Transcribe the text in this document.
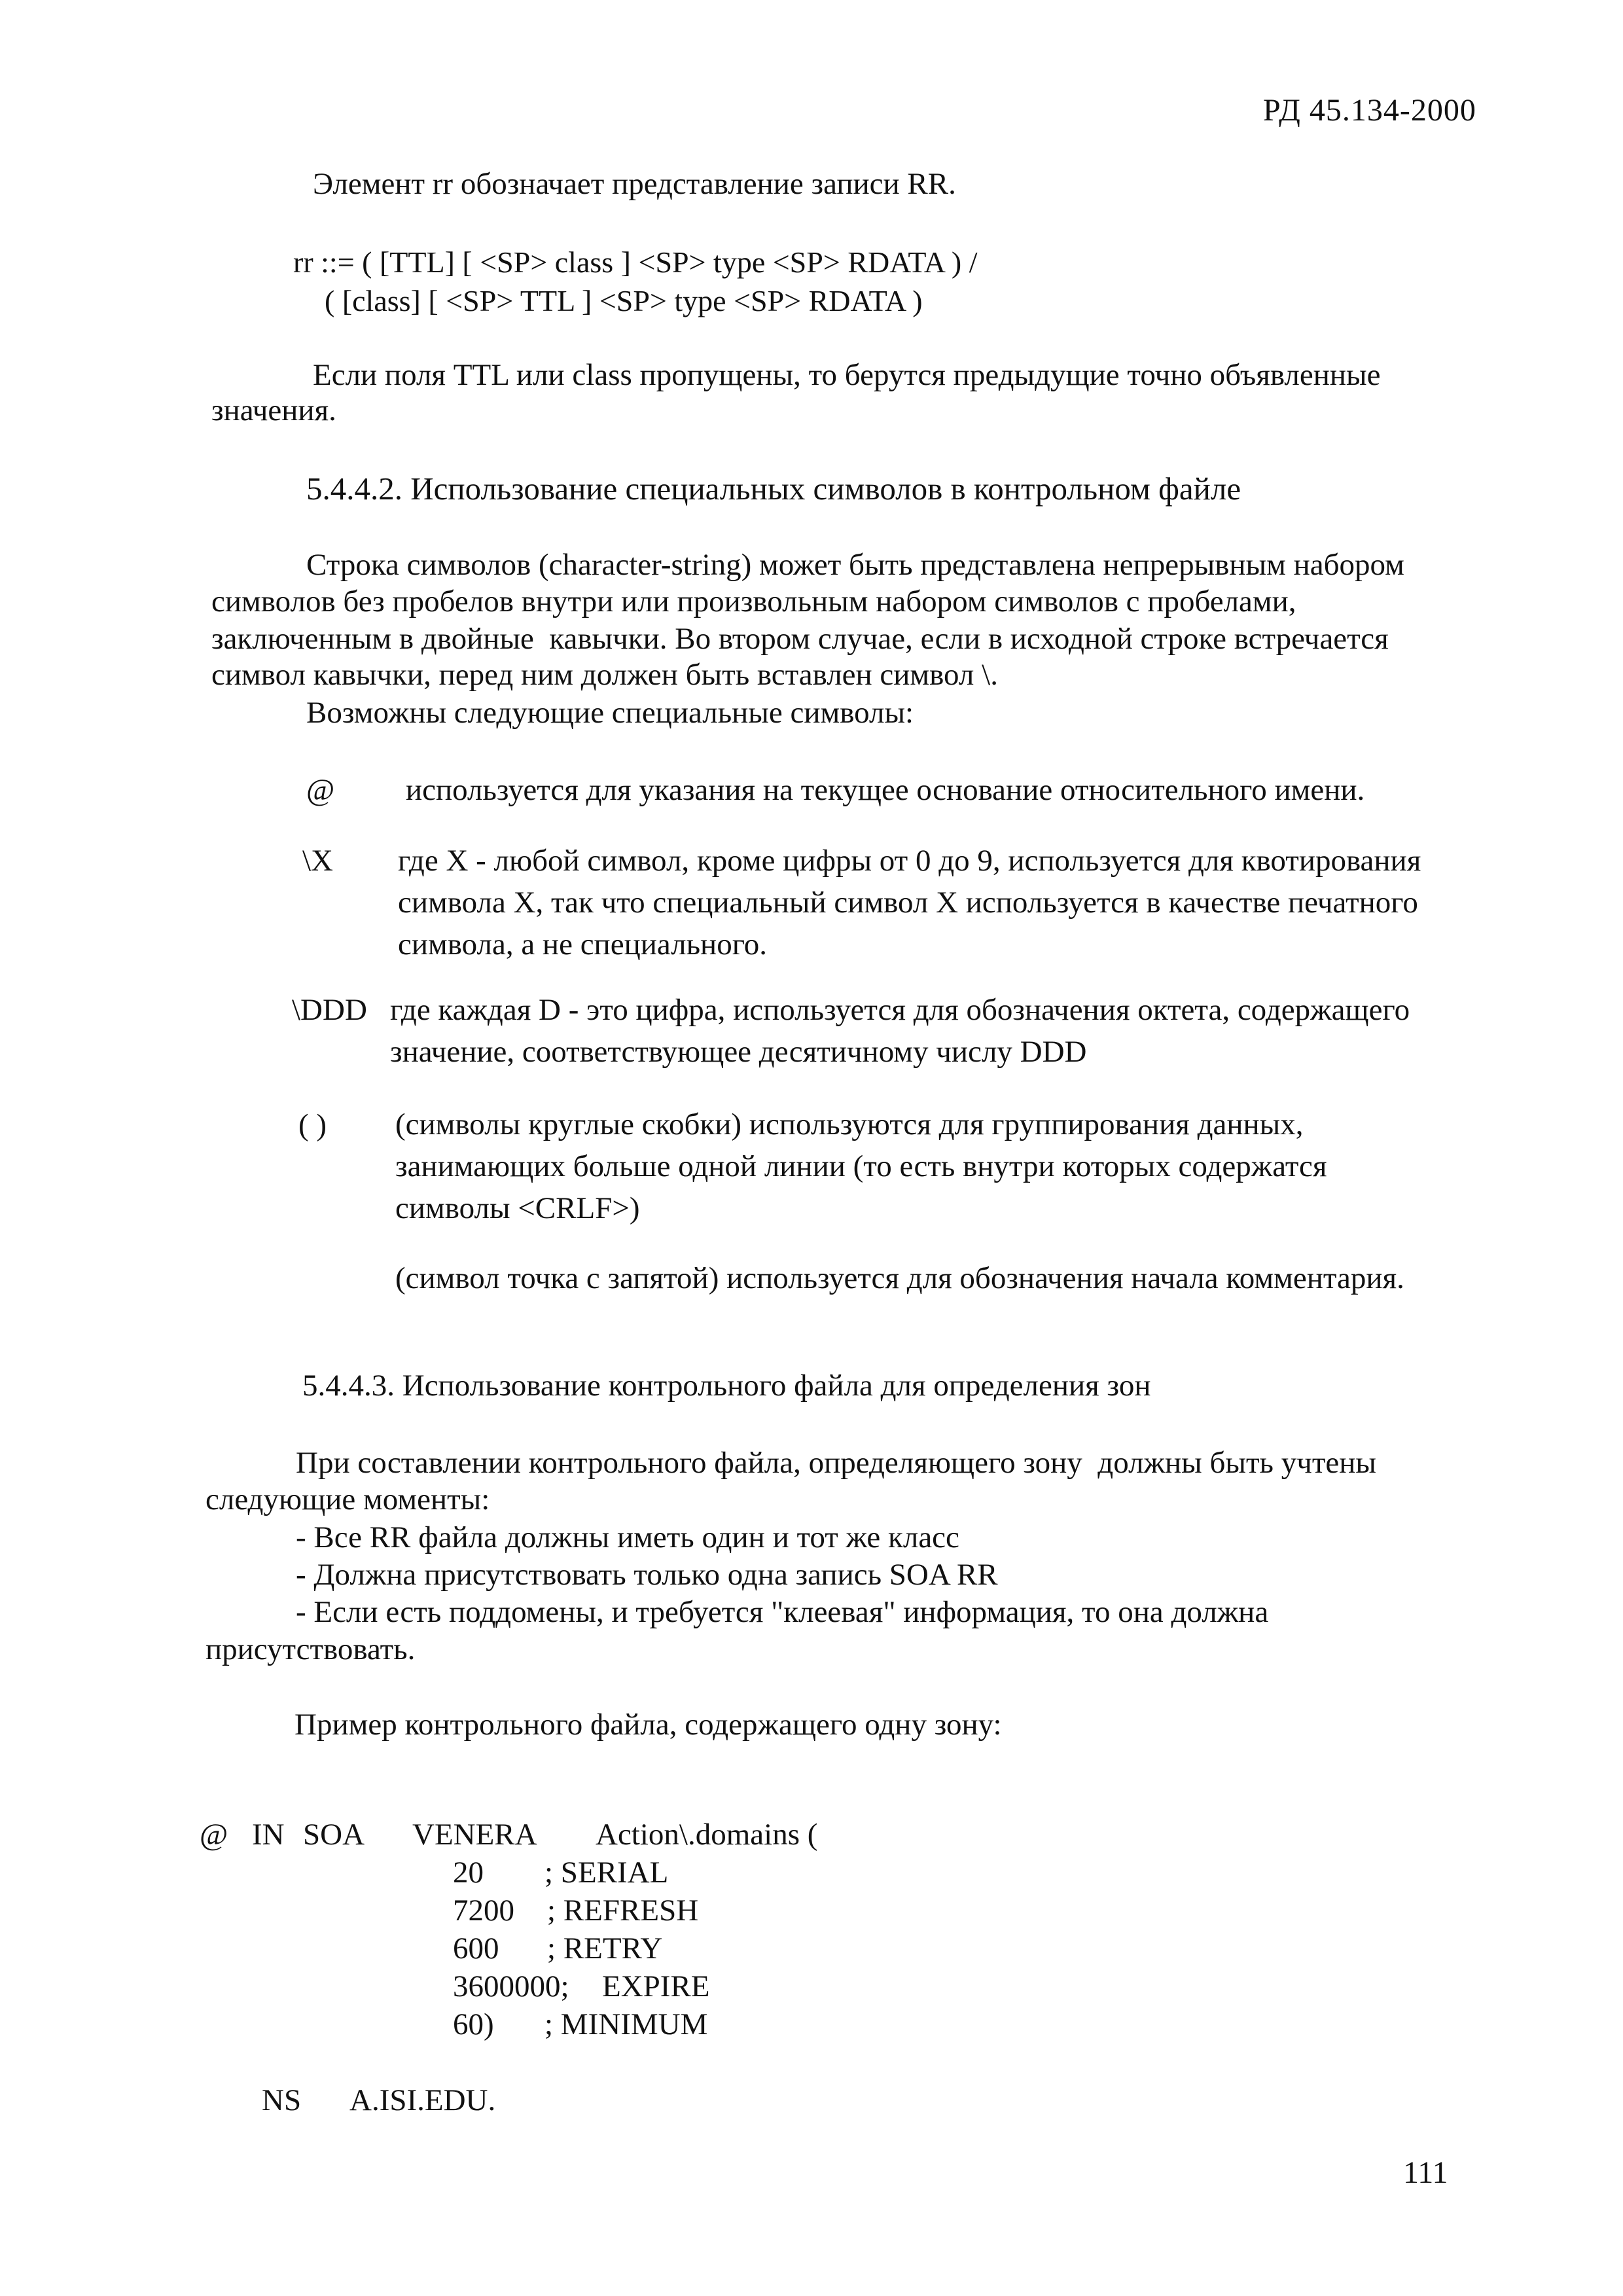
РД 45.134-2000
Элемент rr обозначает представление записи RR.
rr ::= ( [TTL] [ <SP> class ] <SP> type <SP> RDATA ) /
( [class] [ <SP> TTL ] <SP> type <SP> RDATA )
Если поля TTL или class пропущены, то берутся предыдущие точно объявленные
значения.
5.4.4.2. Использование специальных символов в контрольном файле
Строка символов (character-string) может быть представлена непрерывным набором
символов без пробелов внутри или произвольным набором символов с пробелами,
заключенным в двойные  кавычки. Во втором случае, если в исходной строке встречается
символ кавычки, перед ним должен быть вставлен символ \.
Возможны следующие специальные символы:
@ используется для указания на текущее основание относительного имени.
\X где X - любой символ, кроме цифры от 0 до 9, используется для квотирования
символа X, так что специальный символ X используется в качестве печатного
символа, а не специального.
\DDD где каждая D - это цифра, используется для обозначения октета, содержащего
значение, соответствующее десятичному числу DDD
( ) (символы круглые скобки) используются для группирования данных,
занимающих больше одной линии (то есть внутри которых содержатся
символы <CRLF>)
(символ точка с запятой) используется для обозначения начала комментария.
5.4.4.3. Использование контрольного файла для определения зон
При составлении контрольного файла, определяющего зону  должны быть учтены
следующие моменты:
- Все RR файла должны иметь один и тот же класс
- Должна присутствовать только одна запись SOA RR
- Если есть поддомены, и требуется "клеевая" информация, то она должна
присутствовать.
Пример контрольного файла, содержащего одну зону:
@ IN SOA VENERA Action\.domains (
20 ; SERIAL
7200 ; REFRESH
600 ; RETRY
3600000; EXPIRE
60) ; MINIMUM
NS A.ISI.EDU.
111
